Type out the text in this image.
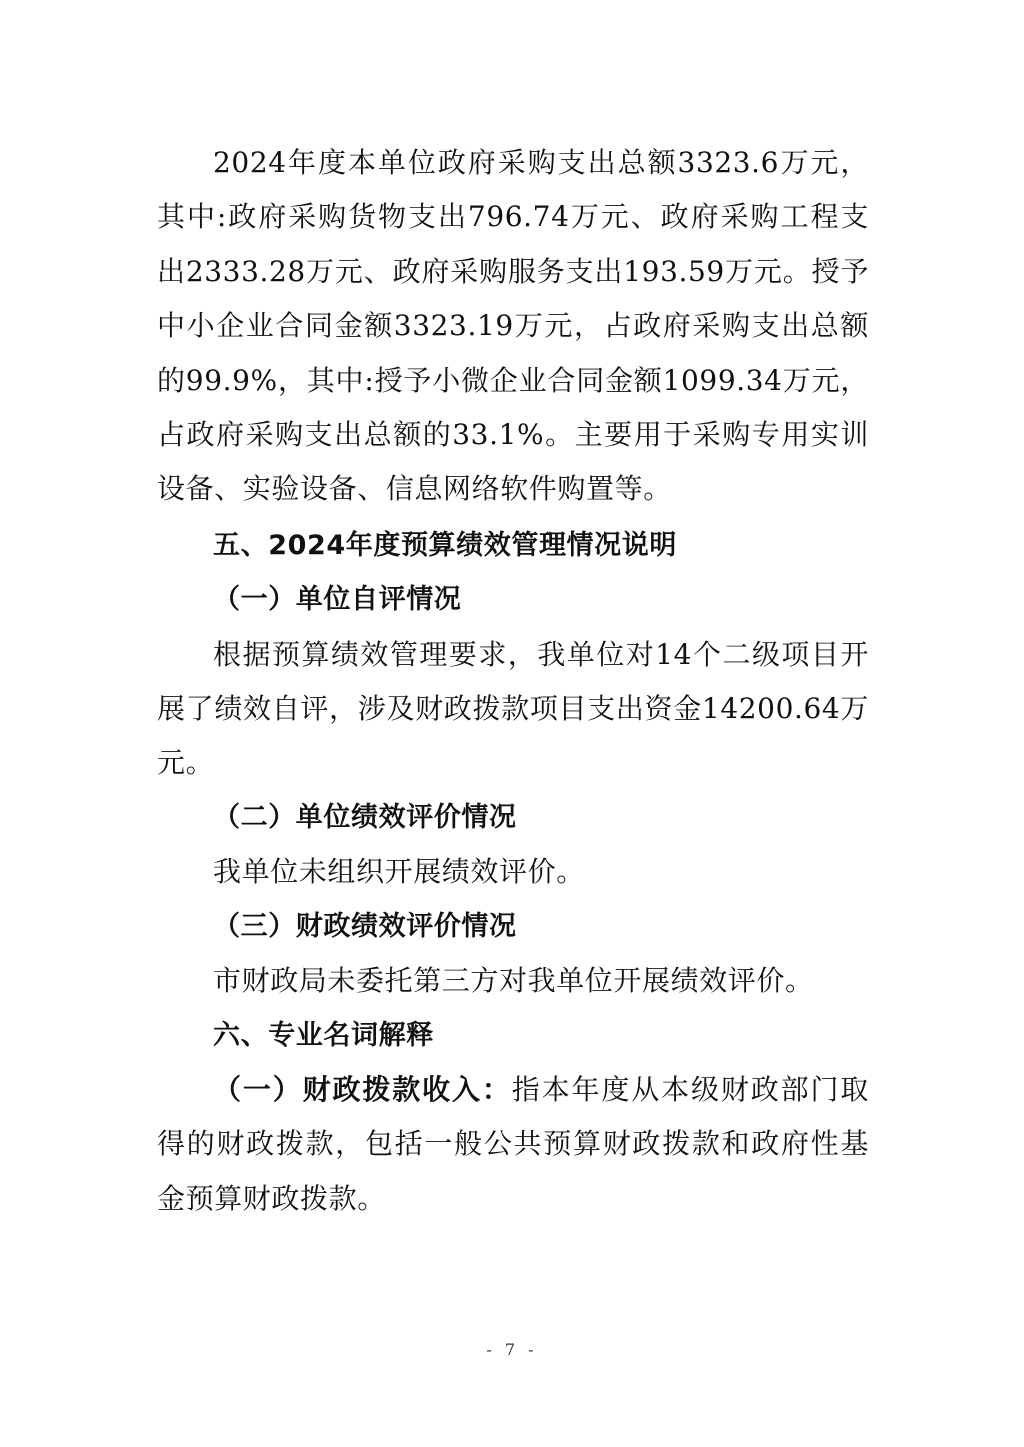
2024年度本单位政府采购支出总额3323.6万元，其中:政府采购货物支出796.74万元、政府采购工程支出2333.28万元、政府采购服务支出193.59万元。授予中小企业合同金额3323.19万元，占政府采购支出总额的99.9%，其中:授予小微企业合同金额1099.34万元，占政府采购支出总额的33.1%。主要用于采购专用实训设备、实验设备、信息网络软件购置等。

五、2024年度预算绩效管理情况说明

（一）单位自评情况

根据预算绩效管理要求，我单位对14个二级项目开展了绩效自评，涉及财政拨款项目支出资金14200.64万元。

（二）单位绩效评价情况

我单位未组织开展绩效评价。

（三）财政绩效评价情况

市财政局未委托第三方对我单位开展绩效评价。

六、专业名词解释

（一）财政拨款收入：指本年度从本级财政部门取得的财政拨款，包括一般公共预算财政拨款和政府性基金预算财政拨款。

- 7 -
